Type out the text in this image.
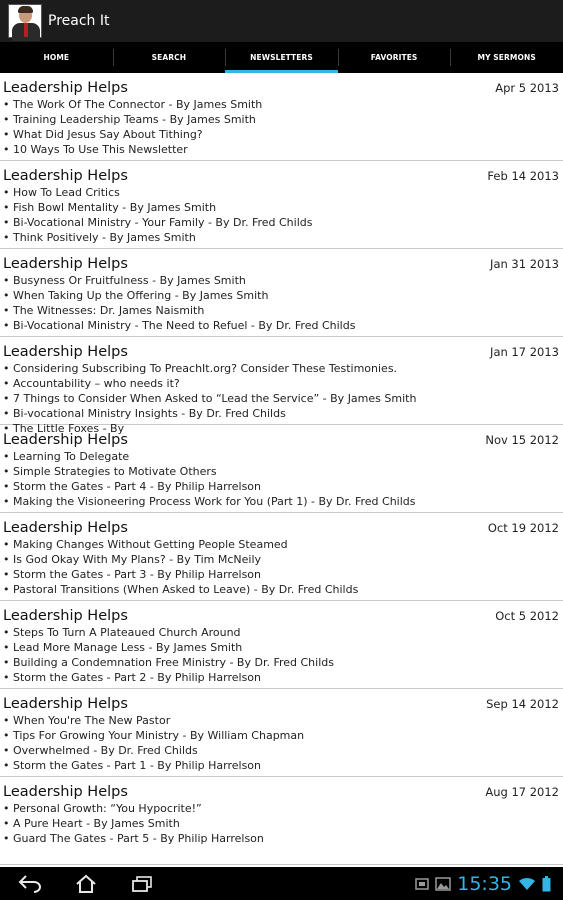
Preach It
HOME	SEARCH	NEWSLETTERS	FAVORITES	MY SERMONS
Leadership Helps	Apr 5 2013
• The Work Of The Connector - By James Smith
• Training Leadership Teams - By James Smith
• What Did Jesus Say About Tithing?
• 10 Ways To Use This Newsletter
Leadership Helps	Feb 14 2013
• How To Lead Critics
• Fish Bowl Mentality - By James Smith
• Bi-Vocational Ministry - Your Family - By Dr. Fred Childs
• Think Positively - By James Smith
Leadership Helps	Jan 31 2013
• Busyness Or Fruitfulness - By James Smith
• When Taking Up the Offering - By James Smith
• The Witnesses: Dr. James Naismith
• Bi-Vocational Ministry - The Need to Refuel - By Dr. Fred Childs
Leadership Helps	Jan 17 2013
• Considering Subscribing To PreachIt.org? Consider These Testimonies.
• Accountability – who needs it?
• 7 Things to Consider When Asked to “Lead the Service” - By James Smith
• Bi-vocational Ministry Insights - By Dr. Fred Childs
• The Little Foxes - By
Leadership Helps	Nov 15 2012
• Learning To Delegate
• Simple Strategies to Motivate Others
• Storm the Gates - Part 4 - By Philip Harrelson
• Making the Visioneering Process Work for You (Part 1) - By Dr. Fred Childs
Leadership Helps	Oct 19 2012
• Making Changes Without Getting People Steamed
• Is God Okay With My Plans? - By Tim McNeily
• Storm the Gates - Part 3 - By Philip Harrelson
• Pastoral Transitions (When Asked to Leave) - By Dr. Fred Childs
Leadership Helps	Oct 5 2012
• Steps To Turn A Plateaued Church Around
• Lead More Manage Less - By James Smith
• Building a Condemnation Free Ministry - By Dr. Fred Childs
• Storm the Gates - Part 2 - By Philip Harrelson
Leadership Helps	Sep 14 2012
• When You're The New Pastor
• Tips For Growing Your Ministry - By William Chapman
• Overwhelmed - By Dr. Fred Childs
• Storm the Gates - Part 1 - By Philip Harrelson
Leadership Helps	Aug 17 2012
• Personal Growth: “You Hypocrite!”
• A Pure Heart - By James Smith
• Guard The Gates - Part 5 - By Philip Harrelson
15:35
